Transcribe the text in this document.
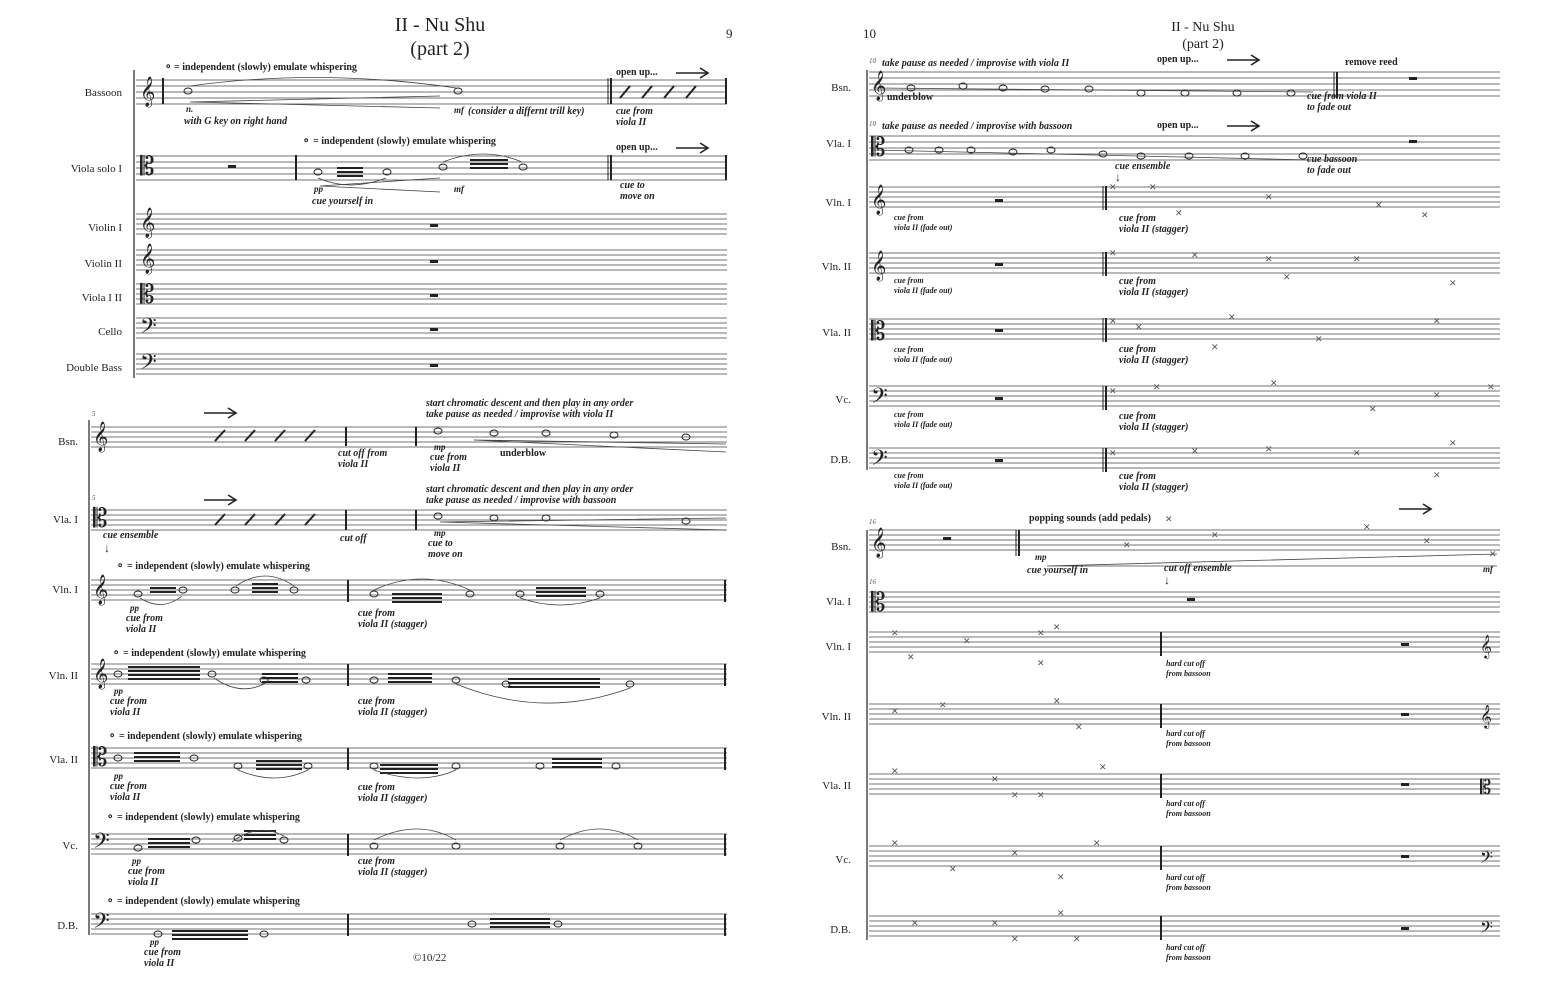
II - Nu Shu
(part 2)
9
Bassoon
Viola solo I
Violin I
Violin II
Viola I II
Cello
Double Bass
Bsn.
Vla. I
Vln. I
Vln. II
Vla. II
Vc.
D.B.
𝄞
𝄡
𝄞
𝄞
𝄡
𝄢
𝄢
𝄞
𝄡
𝄞
𝄞
𝄡
𝄢
𝄢
⚬ = independent (slowly) emulate whispering
n.
with G key on right hand
mf (consider a differnt trill key)
open up...
cue from
viola II
⚬ = independent (slowly) emulate whispering
pp
cue yourself in
mf
open up...
cue to
move on
5
5
start chromatic descent and then play in any order
take pause as needed / improvise with viola II
cut off from
viola II
mp
cue from
viola II
underblow
start chromatic descent and then play in any order
take pause as needed / improvise with bassoon
cue ensemble
↓
cut off	mp
cue to
move on
⚬ = independent (slowly) emulate whispering
pp
cue from
viola II
cue from
viola II (stagger)
⚬ = independent (slowly) emulate whispering
pp
cue from
viola II
cue from
viola II (stagger)
⚬ = independent (slowly) emulate whispering
pp
cue from
viola II
cue from
viola II (stagger)
⚬ = independent (slowly) emulate whispering
pp
cue from
viola II
cue from
viola II (stagger)
⚬ = independent (slowly) emulate whispering
pp
cue from
viola II	©10/22
10	II - Nu Shu
(part 2)
Bsn.
Vla. I
Vln. I
Vln. II
Vla. II
Vc.
D.B.
Bsn.
Vla. I
Vln. I
Vln. II
Vla. II
Vc.
D.B.
✕	✕
✕
✕
✕
✕
✕	✕	✕
✕
✕
✕
✕
✕
✕
✕
✕
✕
✕	✕	✕
✕
✕
✕
✕	✕	✕	✕
✕
✕
✕
✕
✕
✕
✕
✕
✕
✕
✕
✕
✕
✕
✕
✕	✕
✕
✕
✕
✕ ✕
✕
✕
✕
✕
✕
✕
✕	✕
✕
✕
✕
𝄞
𝄡
𝄞
𝄞
𝄡
𝄢
𝄢
𝄞
𝄡
𝄞
𝄞
𝄡
𝄢
𝄢
10 take pause as needed / improvise with viola II	open up...	remove reed
underblow	cue from viola II
to fade out
10 take pause as needed / improvise with bassoon	open up...
cue ensemble
↓
cue bassoon
to fade out
cue from
viola II (fade out)
cue from
viola II (stagger)
cue from
viola II (fade out)
cue from
viola II (stagger)
cue from
viola II (fade out)
cue from
viola II (stagger)
cue from
viola II (fade out)
cue from
viola II (stagger)
cue from
viola II (fade out)
cue from
viola II (stagger)
16	popping sounds (add pedals)
mp
cue yourself in	mf
16
cut off ensemble
↓
hard cut off
from bassoon
hard cut off
from bassoon
hard cut off
from bassoon
hard cut off
from bassoon
hard cut off
from bassoon
